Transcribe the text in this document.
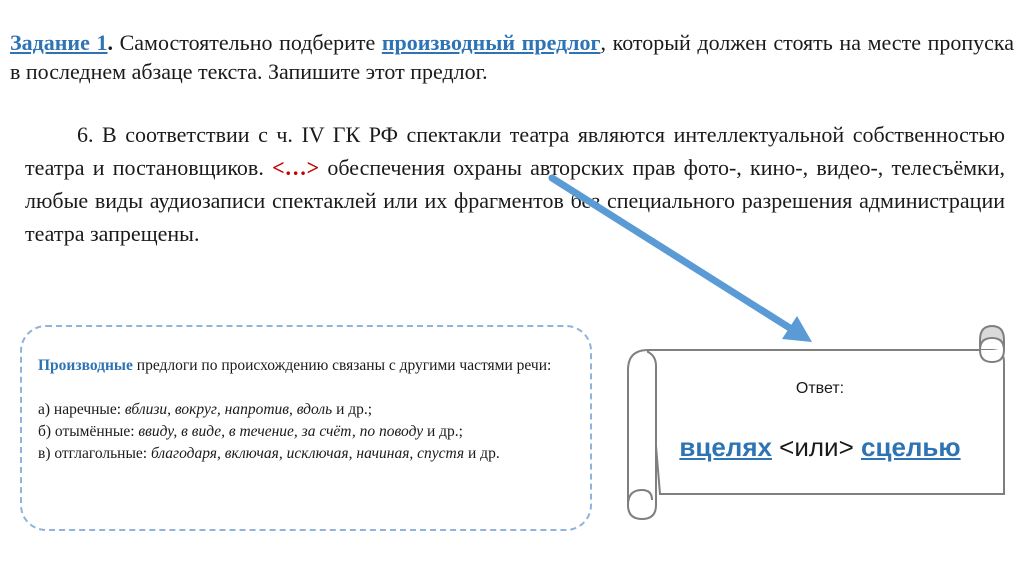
Задание 1. Самостоятельно подберите производный предлог, который должен стоять на месте пропуска в последнем абзаце текста. Запишите этот предлог.
6. В соответствии с ч. IV ГК РФ спектакли театра являются интеллектуальной собственностью театра и постановщиков. <…> обеспечения охраны авторских прав фото-, кино-, видео-, телесъёмки, любые виды аудиозаписи спектаклей или их фрагментов без специального разрешения администрации театра запрещены.
Производные предлоги по происхождению связаны с другими частями речи:
а) наречные: вблизи, вокруг, напротив, вдоль и др.;
б) отымённые: ввиду, в виде, в течение, за счёт, по поводу и др.;
в) отглагольные: благодаря, включая, исключая, начиная, спустя и др.
Ответ:
вцелях <или> сцелью
